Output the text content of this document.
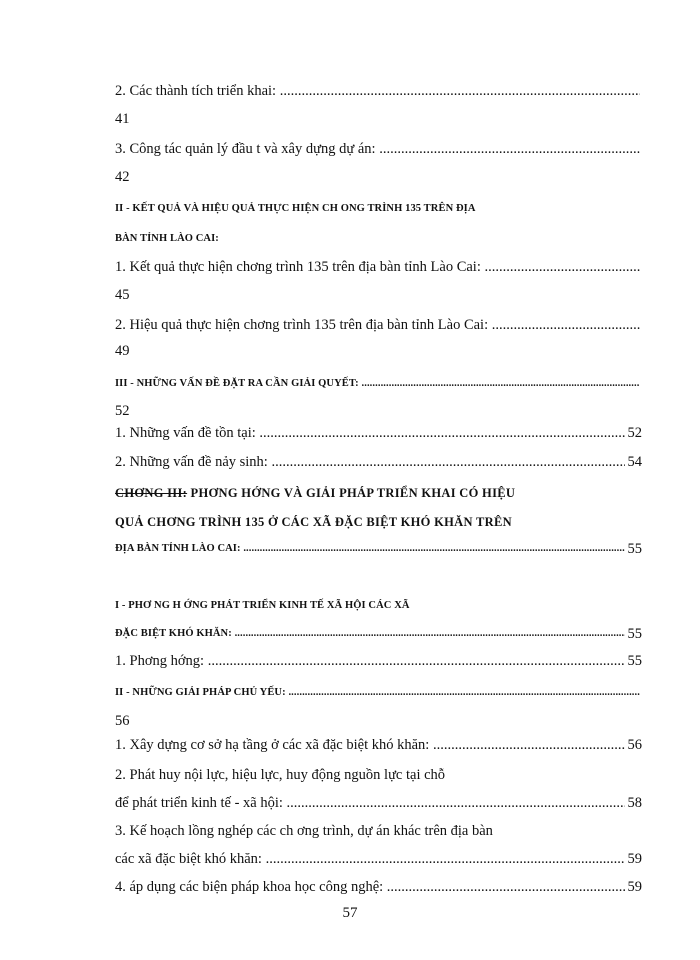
2. Các thành tích triển khai: .....
41
3. Công tác quản lý đầu t và xây dựng dự án: .....
42
II - KẾT QUẢ VÀ HIỆU QUẢ THỰC HIỆN CH ONG TRÌNH 135 TRÊN ĐỊA
BÀN TỈNH LÀO CAI:
1. Kết quả thực hiện chơng trình 135 trên địa bàn tỉnh Lào Cai: .....
45
2. Hiệu quả thực hiện chơng trình 135 trên địa bàn tỉnh Lào Cai: .....
49
III - NHỮNG VẤN ĐỀ ĐẶT RA CẦN GIẢI QUYẾT: .....
52
1. Những vấn đề tồn tại: .....	52
2. Những vấn đề nảy sinh: .....	54
CHƠNG III: PHƠNG HỚNG VÀ GIẢI PHÁP TRIỂN KHAI CÓ HIỆU
QUẢ CHƠNG TRÌNH 135 Ở CÁC XÃ ĐẶC BIỆT KHÓ KHĂN TRÊN
ĐỊA BÀN TỈNH LÀO CAI: .....	55
I - PHƠ NG H ỚNG PHÁT TRIỂN KINH TẾ XÃ HỘI CÁC XÃ
ĐẶC BIỆT KHÓ KHĂN: .....	55
1. Phơng hớng: .....	55
II - NHỮNG GIẢI PHÁP CHỦ YẾU: .....
56
1. Xây dựng cơ sở hạ tầng ở các xã đặc biệt khó khăn: .....	56
2. Phát huy nội lực, hiệu lực, huy động nguồn lực tại chỗ
để phát triển kinh tế - xã hội: .....	58
3. Kế hoạch lồng nghép các ch ơng trình, dự án khác trên địa bàn
các xã đặc biệt khó khăn: .....	59
4. áp dụng các biện pháp khoa học công nghệ: .....	59
57
